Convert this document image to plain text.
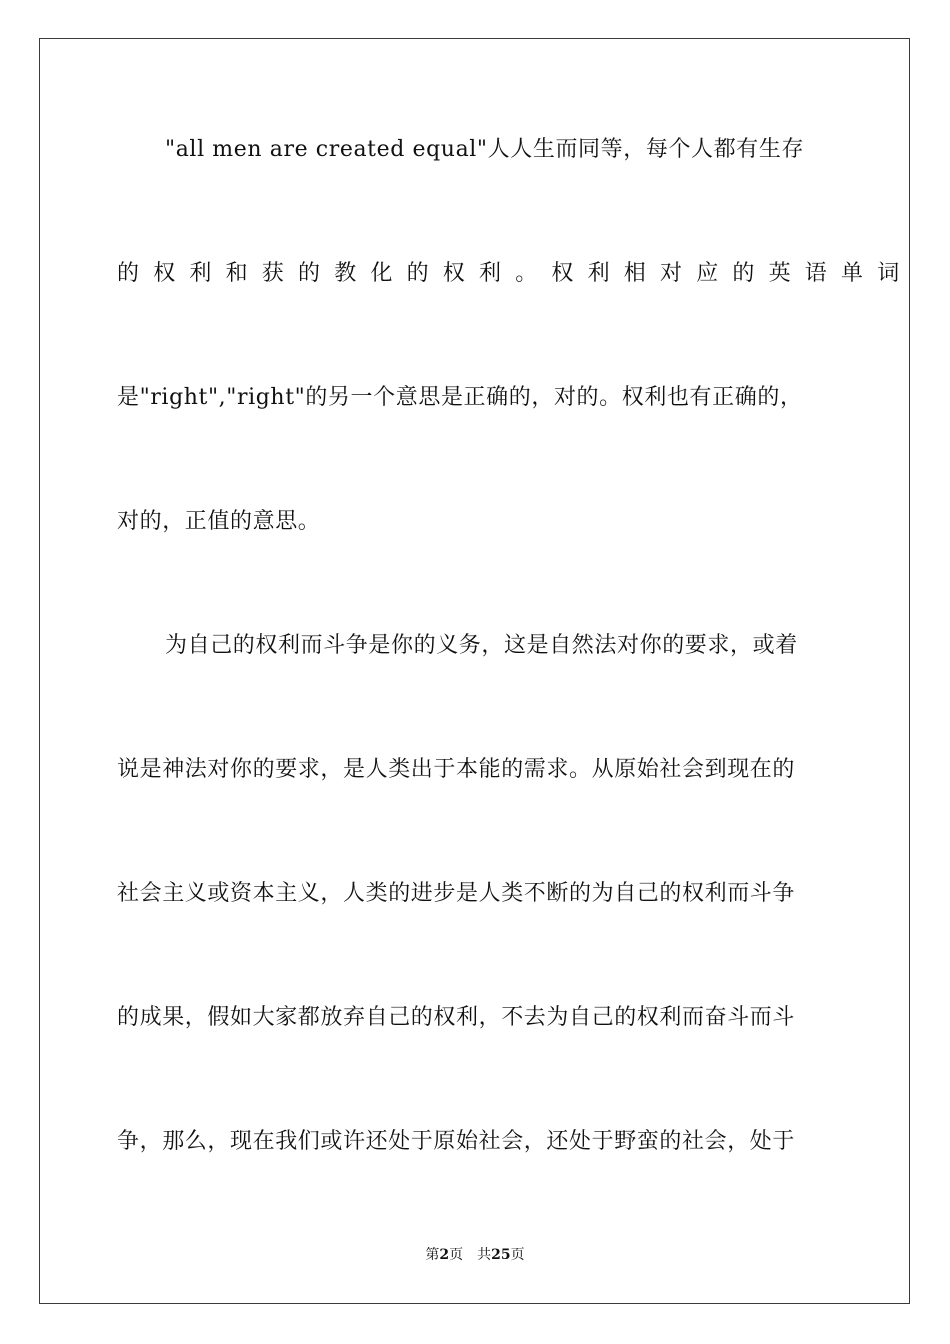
"all men are created equal"人人生而同等，每个人都有生存
的权利和获的教化的权利。权利相对应的英语单词
是"right","right"的另一个意思是正确的，对的。权利也有正确的，
对的，正值的意思。
为自己的权利而斗争是你的义务，这是自然法对你的要求，或着
说是神法对你的要求，是人类出于本能的需求。从原始社会到现在的
社会主义或资本主义，人类的进步是人类不断的为自己的权利而斗争
的成果，假如大家都放弃自己的权利，不去为自己的权利而奋斗而斗
争，那么，现在我们或许还处于原始社会，还处于野蛮的社会，处于
第2页 共25页
